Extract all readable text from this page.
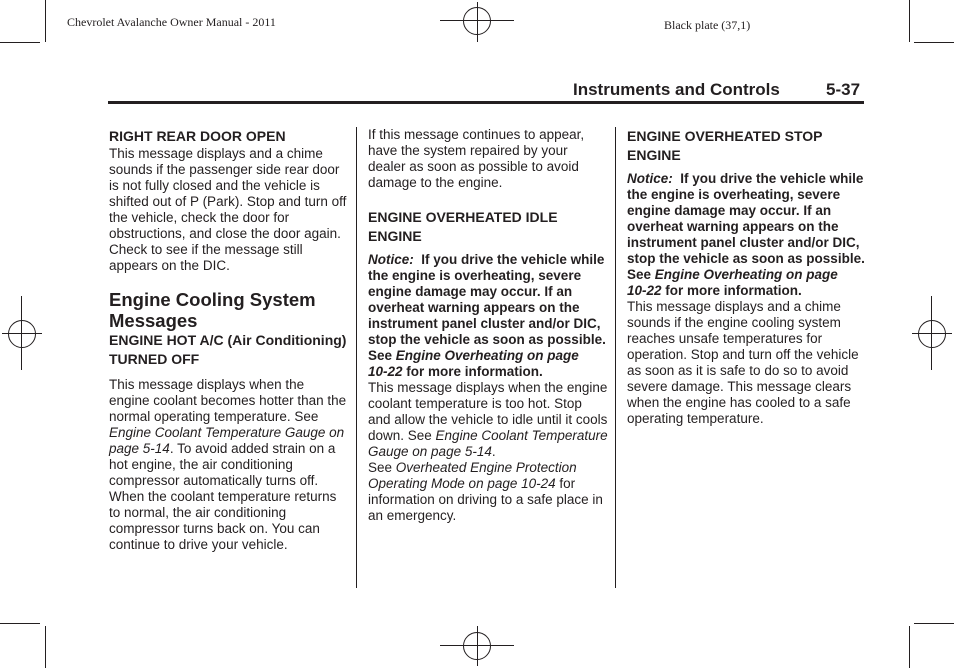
Chevrolet Avalanche Owner Manual - 2011	Black plate (37,1)
Instruments and Controls	5-37

RIGHT REAR DOOR OPEN

This message displays and a chime sounds if the passenger side rear door is not fully closed and the vehicle is shifted out of P (Park). Stop and turn off the vehicle, check the door for obstructions, and close the door again. Check to see if the message still appears on the DIC.

Engine Cooling System Messages

ENGINE HOT A/C (Air Conditioning) TURNED OFF

This message displays when the engine coolant becomes hotter than the normal operating temperature. See Engine Coolant Temperature Gauge on page 5‑14. To avoid added strain on a hot engine, the air conditioning compressor automatically turns off. When the coolant temperature returns to normal, the air conditioning compressor turns back on. You can continue to drive your vehicle.

If this message continues to appear, have the system repaired by your dealer as soon as possible to avoid damage to the engine.

ENGINE OVERHEATED IDLE ENGINE

Notice: If you drive the vehicle while the engine is overheating, severe engine damage may occur. If an overheat warning appears on the instrument panel cluster and/or DIC, stop the vehicle as soon as possible. See Engine Overheating on page 10‑22 for more information.

This message displays when the engine coolant temperature is too hot. Stop and allow the vehicle to idle until it cools down. See Engine Coolant Temperature Gauge on page 5‑14.

See Overheated Engine Protection Operating Mode on page 10‑24 for information on driving to a safe place in an emergency.

ENGINE OVERHEATED STOP ENGINE

Notice: If you drive the vehicle while the engine is overheating, severe engine damage may occur. If an overheat warning appears on the instrument panel cluster and/or DIC, stop the vehicle as soon as possible. See Engine Overheating on page 10‑22 for more information.

This message displays and a chime sounds if the engine cooling system reaches unsafe temperatures for operation. Stop and turn off the vehicle as soon as it is safe to do so to avoid severe damage. This message clears when the engine has cooled to a safe operating temperature.
